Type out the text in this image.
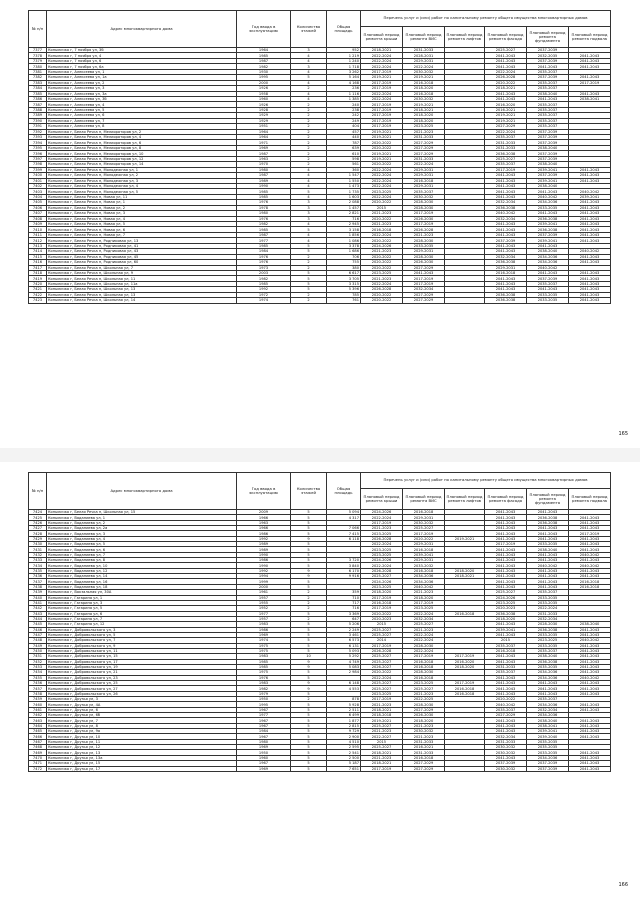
№ п/п	Адрес многоквартирного дома	Год ввода в эксплуатацию	Количество этажей	Общая площадь	Перечень услуг и (или) работ по капитальному ремонту общего имущества многоквартирных домов					
					Плановый период ремонта крыши	Плановый период ремонта ВИС	Плановый период ремонта лифтов	Плановый период ремонта фасада	Плановый период ремонта фундамента	Плановый период ремонта подвала
7377	Копыличко г, 7 ноября ул, 3б	1964	3	952	2018-2021	2031-2033		2025-2027	2037-2039	
7378	Копыличко г, 7 ноября ул, 4	1985	4	1 219	2022-2024	2028-2031		2041-2043	2032-2035	2041-2043
7379	Копыличко г, 7 ноября ул, 6	1987	4	1 240	2022-2024	2029-2031		2041-2043	2037-2039	2041-2043
7380	Копыличко г, 7 ноября ул, 6а	1982	3	1 718	2022-2024	2022-2024		2041-2043	2041-2043	2041-2043
7381	Копыличко г, Алексеева ул, 1	1930	4	3 262	2017-2019	2030-2032		2022-2024	2035-2037	
7382	Копыличко г, Алексеева ул, 1а	1995	5	5 164	2019-2021	2019-2021		2026-2028	2037-2039	2041-2043
7383	Копыличко г, Алексеева ул, 2	2000	4	4 168	2017-2019	2016-2018		2020-2022	2035-2037	2017-2019
7384	Копыличко г, Алексеева ул, 3	1926	2	236	2017-2019	2018-2020		2018-2021	2035-2037	
7385	Копыличко г, Алексеева ул, 3а	1958	4	1 116	2022-2024	2016-2018		2041-2043	2038-2040	2041-2043
7386	Копыличко г, Алексеева ул, 3б	1960	4	1 385	2022-2024	2030-2032		2041-2043	2041-2043	2038-2041
7387	Копыличко г, Алексеева ул, 4	1926	2	240	2017-2019	2019-2021		2016-2020	2035-2037	
7388	Копыличко г, Алексеева ул, 5	1928	2	238	2017-2019	2018-2021		2016-2021	2035-2037	
7389	Копыличко г, Алексеева ул, 6	1929	2	242	2017-2019	2018-2020		2019-2021	2035-2037	
7390	Копыличко г, Алексеева ул, 7	1929	2	249	2017-2019	2018-2020		2019-2021	2035-2037	
7391	Копыличко г, Алексеева ул, 8	1951	2	404	2017-2019	2023-2025		2027-2029	2035-2037	
7392	Копыличко г, Белая Речка п, Мелиораторов ул, 2	1964	2	457	2019-2021	2021-2023		2022-2024	2037-2039	
7393	Копыличко г, Белая Речка п, Мелиораторов ул, 4	1964	2	440	2019-2021	2031-2033		2035-2037	2037-2039	
7394	Копыличко г, Белая Речка п, Мелиораторов ул, 6	1971	2	787	2020-2022	2027-2029		2031-2033	2037-2039	
7395	Копыличко г, Белая Речка п, Мелиораторов ул, 8	1969	2	639	2020-2022	2027-2029		2031-2033	2038-2040	
7396	Копыличко г, Белая Речка п, Мелиораторов ул, 10	1987	2	610	2019-2021	2027-2029		2036-2038	2037-2039	
7397	Копыличко г, Белая Речка п, Мелиораторов ул, 12	1963	2	598	2019-2021	2031-2033		2025-2027	2037-2039	
7398	Копыличко г, Белая Речка п, Мелиораторов ул, 14	1970	2	561	2020-2022	2022-2024		2035-2037	2038-2040	
7399	Копыличко г, Белая Речка п, Молодежная ул, 1	1980	4	360	2022-2024	2029-2031		2017-2019	2039-2041	2041-2043
7400	Копыличко г, Белая Речка п, Молодежная ул, 2	1987	4	1 547	2022-2024	2029-2031		2041-2043	2037-2039	2041-2043
7401	Копыличко г, Белая Речка п, Молодежная ул, 3	1989	4	1 550	2022-2024	2016-2018		2041-2043	2039-2041	2041-2043
7402	Копыличко г, Белая Речка п, Молодежная ул, 4	1990	4	1 473	2022-2024	2029-2031		2041-2043	2038-2040	
7403	Копыличко г, Белая Речка п, Молодежная ул, 5	1985	5	1 735	2023-2025	2035-2037		2041-2043	2041-2043	2040-2042
7404	Копыличко г, Белая Речка п, Новая ул, 11	1985	4	1 603	2022-2024	2030-2032		2041-2043	2040-2042	2039-2041
7405	Копыличко г, Белая Речка п, Новая ул, 1	1976	3	2 088	2020-2022	2028-2030		2032-2034	2034-2036	2041-2043
7406	Копыличко г, Белая Речка п, Новая ул, 2	1978	3	1 457	2015	2028-2030		2036-2038	2033-2035	2041-2043
7407	Копыличко г, Белая Речка п, Новая ул, 3	1980	3	2 821	2021-2023	2017-2019		2040-2042	2041-2043	2041-2043
7408	Копыличко г, Белая Речка п, Новая ул, 4	1976	3	716	2020-2022	2026-2030		2032-2034	2036-2038	2041-2043
7409	Копыличко г, Белая Речка п, Новая ул, 5	1982	4	2 945	2021-2023	2017-2019		2041-2043	2039-2041	2041-2043
7410	Копыличко г, Белая Речка п, Новая ул, 6	1985	5	3 158	2016-2018	2026-2028		2041-2043	2036-2038	2041-2043
7411	Копыличко г, Белая Речка п, Новая ул, 7	1987	4	1 856	2022-2024	2021-2023		2041-2043	2037-2039	2041-2043
7412	Копыличко г, Белая Речка п, Родниковая ул, 13	1977	4	1 086	2020-2022	2028-2030		2037-2039	2039-2041	2041-2043
7413	Копыличко г, Белая Речка п, Родниковая ул, 41	1985	5	3 378	2024-2026	2033-2035		2041-2043	2041-2043	
7414	Копыличко г, Белая Речка п, Родниковая ул, 43	1984	5	1 686	2021-2023	2029-2031		2041-2043	2038-2040	2040-2042
7415	Копыличко г, Белая Речка п, Родниковая ул, 45	1976	2	706	2020-2022	2028-2030		2032-2034	2034-2036	2041-2043
7416	Копыличко г, Белая Речка п, Родниковая ул, 60	1976	2	755	2020-2022	2026-2030		2036-2038	2034-2036	2041-2043
7417	Копыличко г, Белая Речка п, Школьная ул, 7	1973	2	380	2020-2022	2027-2029		2029-2031	2040-2042	
7418	Копыличко г, Белая Речка п, Школьная ул, 9	2003	5	6 617	2023-2025	2041-2043		2016-2018	2041-2043	2041-2043
7419	Копыличко г, Белая Речка п, Школьная ул, 11	1982	5	3 705	2021-2023	2017-2019		2041-2043	2037-2039	2041-2043
7420	Копыличко г, Белая Речка п, Школьная ул, 11а	1985	5	3 315	2022-2024	2017-2019		2041-2043	2035-2037	2041-2043
7421	Копыличко г, Белая Речка п, Школьная ул, 13	1992	5	5 396	2026-2028	2032-2034		2041-2043	2041-2043	2041-2043
7422	Копыличко г, Белая Речка п, Школьная ул, 13	1972	2	785	2020-2022	2027-2029		2036-2038	2033-2035	2041-2043
7423	Копыличко г, Белая Речка п, Школьная ул, 14	1974	2	761	2020-2022	2027-2029		2036-2038	2033-2035	2041-2043
165
№ п/п	Адрес многоквартирного дома	Год ввода в эксплуатацию	Количество этажей	Общая площадь	Перечень услуг и (или) работ по капитальному ремонту общего имущества многоквартирных домов					
					Плановый период ремонта крыши	Плановый период ремонта ВИС	Плановый период ремонта лифтов	Плановый период ремонта фасада	Плановый период ремонта фундамента	Плановый период ремонта подвала
7424	Копыличко г, Белая Речка п, Школьная ул, 15	2009	5	5 094	2024-2026	2016-2018		2041-2043	2041-2043	
7425	Копыличко г, Ваданиева ул, 1	1966	5	4 317	2022-2024	2029-2031		2041-2043	2036-2038	2041-2043
7426	Копыличко г, Ваданиева ул, 2	1963	5		2017-2019	2030-2032		2041-2043	2036-2038	2041-2043
7427	Копыличко г, Ваданиева ул, 2а	1966	5	7 066	2021-2023	2025-2027		2041-2043	2041-2043	2041-2043
7428	Копыличко г, Ваданиева ул, 3	1986	5	7 415	2023-2025	2017-2019		2041-2043	2041-2043	2017-2019
7429	Копыличко г, Ваданиева ул, 4	1992	9	6 118	2026-2028	2020-2022	2019-2021	2041-2043	2041-2043	2041-2043
7430	Копыличко г, Ваданиева ул, 5	1989	5		2022-2024	2029-2031		2017-2019	2033-2035	2041-2043
7431	Копыличко г, Ваданиева ул, 6	1989	5		2023-2025	2016-2018		2041-2043	2038-2040	2041-2043
7432	Копыличко г, Ваданиева ул, 7	1990	5		2023-2025	2039-2041		2041-2043	2041-2043	2040-2042
7433	Копыличко г, Ваданиева ул, 8	1986	5	3 720	2024-2026	2029-2031		2041-2043	2041-2043	2041-2043
7434	Копыличко г, Ваданиева ул, 10	1990	5	3 840	2022-2024	2033-2032		2041-2043	2040-2042	2040-2042
7435	Копыличко г, Ваданиева ул, 12	1992	9	6 170	2026-2028	2016-2018	2018-2020	2041-2043	2041-2043	2041-2043
7436	Копыличко г, Ваданиева ул, 14	1994	9	9 916	2025-2027	2034-2036	2018-2021	2041-2043	2041-2043	2041-2043
7437	Копыличко г, Ваданиева ул, 16	1999	5		2024-2026	2034-2036		2041-2043	2041-2043	2016-2018
7438	Копыличко г, Ваданиева ул, 18	2000	5		2023-2025	2040-2042		2041-2043	2041-2043	2016-2018
7439	Копыличко г, Вокзальная ул, 30А	1961	2	359	2018-2020	2021-2023		2025-2027	2035-2037	
7440	Копыличко г, Гагарина ул, 1	1957	2	710	2017-2019	2018-2020		2024-2026	2033-2035	
7441	Копыличко г, Гагарина ул, 3	1955	2	717	2016-2018	2017-2019		2023-2025	2033-2035	
7442	Копыличко г, Гагарина ул, 5	1952	2	716	2017-2019	2023-2025		2020-2023	2022-2024	
7443	Копыличко г, Гагарина ул, 6	1977	5	3 369	2020-2022	2022-2024	2016-2018	2036-2038	2031-2033	
7444	Копыличко г, Гагарина ул, 7	1957	2	647	2020-2023	2032-2034		2018-2020	2032-2034	
7445	Копыличко г, Гагарина ул, 12	1983	5	5 206	2015	2025-2027		2041-2043	2028-2030	2038-2040
7446	Копыличко г, Добровольского ул, 3	1986	5	2 249	2025-2027	2021-2023		2039-2041	2036-2038	2041-2043
7447	Копыличко г, Добровольского ул, 5	1969	5	3 461	2025-2027	2022-2024		2041-2043	2033-2035	2041-2043
7448	Копыличко г, Добровольского ул, 7	1974	5	6 573	2014	2022-2024		2015	2023-2025	2040-2042
7449	Копыличко г, Добровольского ул, 9	1975	5	6 131	2017-2019	2028-2030		2035-2037	2033-2035	2041-2043
7450	Копыличко г, Добровольского ул, 11	1975	5	5 093	2026-2028	2022-2024		2016-2018	2035-2037	2041-2043
7451	Копыличко г, Добровольского ул, 15	1983	10	5 292	2025-2027	2017-2019	2017-2019	2041-2043	2038-2040	2041-2043
7452	Копыличко г, Добровольского ул, 17	1985	9	4 749	2025-2027	2016-2018	2016-2020	2041-2043	2036-2038	2041-2043
7453	Копыличко г, Добровольского ул, 19	1985	9	5 083	2026-2027	2016-2018	2018-2020	2031-2033	2035-2035	2041-2043
7454	Копыличко г, Добровольского ул, 21	1975	5	2 984	2020-2022	2028-2030		2035-2037	2034-2036	2041-2043
7455	Копыличко г, Добровольского ул, 23	1976	5		2022-2024	2016-2018		2041-2043	2034-2036	2040-2042
7456	Копыличко г, Добровольского ул, 25	1983	9	6 148	2025-2027	2023-2025	2017-2019	2041-2043	2041-2043	2041-2043
7457	Копыличко г, Добровольского ул, 27	1982	9	4 553	2025-2027	2025-2027	2016-2018	2041-2043	2041-2043	2041-2043
7458	Копыличко г, Добровольского ул, 26	1979	5		2023-2025	2021-2023	2016-2018	2041-2043	2041-2043	2041-2043
7459	Копыличко г, Друзья ул, 3	1950	2	878	2017-2019	2022-2025		2020-2022	2035-2037	
7460	Копыличко г, Друзья ул, 4А	1995	5	5 928	2021-2023	2028-2030		2040-2042	2034-2036	2041-2043
7461	Копыличко г, Друзья ул, 6	1967	5	2 511	2018-2021	2027-2029		2035-2037	2032-2034	2041-2043
7462	Копыличко г, Друзья ул, 6б	1977	5	6 499	2018-2018	2026-2030		2027-2029	2034-2036	
7463	Копыличко г, Друзья ул, 7	1967	5	1 877	2019-2021	2018-2020		2041-2043	2038-2040	2041-2043
7464	Копыличко г, Друзья ул, 8	1967	5	2 815	2025-2027	2021-2023		2041-2043	2038-2041	2041-2043
7465	Копыличко г, Друзья ул, 9а	1984	5	9 729	2021-2023	2030-2032		2041-2043	2039-2041	2041-2043
7466	Копыличко г, Друзья ул, 10	1967	5	2 900	2022-2027	2021-2023		2032-2034	2039-2040	2041-2043
7467	Копыличко г, Друзья ул, 11	1980	5	4 510	2015	2031-2033		2031-2033	2035-2035	
7468	Копыличко г, Друзья ул, 12	1969	5	2 595	2025-2027	2016-2021		2030-2032	2035-2035	
7469	Копыличко г, Друзья ул, 13	1950	5	2 541	2018-2021	2031-2033		2030-2032	2033-2035	2041-2043
7470	Копыличко г, Друзья ул, 13а	1960	5	2 500	2021-2023	2016-2018		2041-2043	2034-2036	2041-2043
7471	Копыличко г, Друзья ул, 15	1967	5	5 187	2018-2021	2027-2029		2037-2039	2037-2039	2041-2043
7472	Копыличко г, Друзья ул, 17	1969	5	7 651	2017-2019	2027-2029		2030-2032	2037-2039	2041-2043
166
